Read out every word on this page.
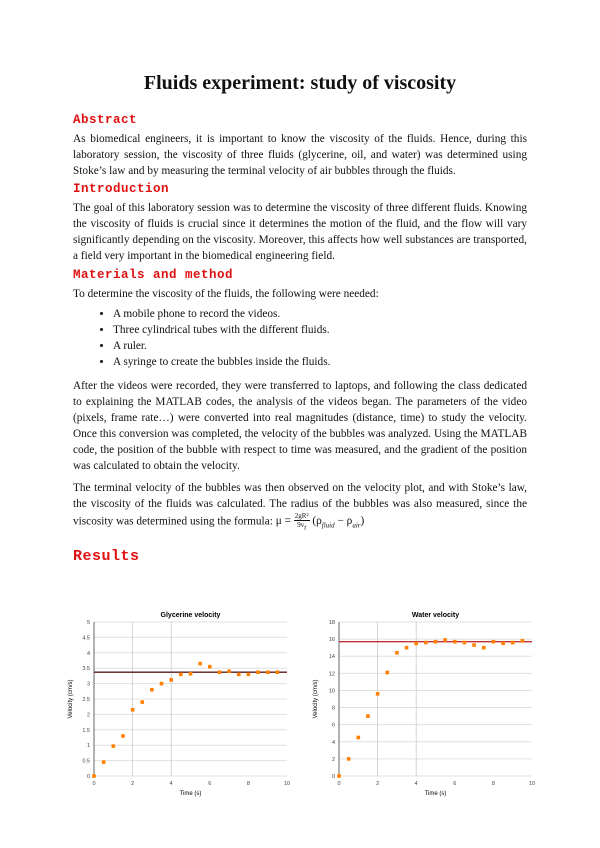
Fluids experiment: study of viscosity
Abstract

As biomedical engineers, it is important to know the viscosity of the fluids. Hence, during this laboratory session, the viscosity of three fluids (glycerine, oil, and water) was determined using Stoke’s law and by measuring the terminal velocity of air bubbles through the fluids.

Introduction

The goal of this laboratory session was to determine the viscosity of three different fluids. Knowing the viscosity of fluids is crucial since it determines the motion of the fluid, and the flow will vary significantly depending on the viscosity. Moreover, this affects how well substances are transported, a field very important in the biomedical engineering field.

Materials and method

To determine the viscosity of the fluids, the following were needed:

• A mobile phone to record the videos.
• Three cylindrical tubes with the different fluids.
• A ruler.
• A syringe to create the bubbles inside the fluids.

After the videos were recorded, they were transferred to laptops, and following the class dedicated to explaining the MATLAB codes, the analysis of the videos began. The parameters of the video (pixels, frame rate…) were converted into real magnitudes (distance, time) to study the velocity. Once this conversion was completed, the velocity of the bubbles was analyzed. Using the MATLAB code, the position of the bubble with respect to time was measured, and the gradient of the position was calculated to obtain the velocity.

The terminal velocity of the bubbles was then observed on the velocity plot, and with Stoke’s law, the viscosity of the fluids was calculated. The radius of the bubbles was also measured, since the viscosity was determined using the formula: $\mu = \frac{\text{2gR²}}{9v_t} (\rho_{fluid} - \rho_{air})$

Results
Glycerine velocity
0
0.5
1
1.5
2
2.5
3
3.5
4
4.5
5
0	2	4	6	8	10
Time (s)
Velocity (cm/s)
Water velocity
0
2
4
6
8
10
12
14
16
18
0	2	4	6	8	10
Time (s)
Velocity (cm/s)
